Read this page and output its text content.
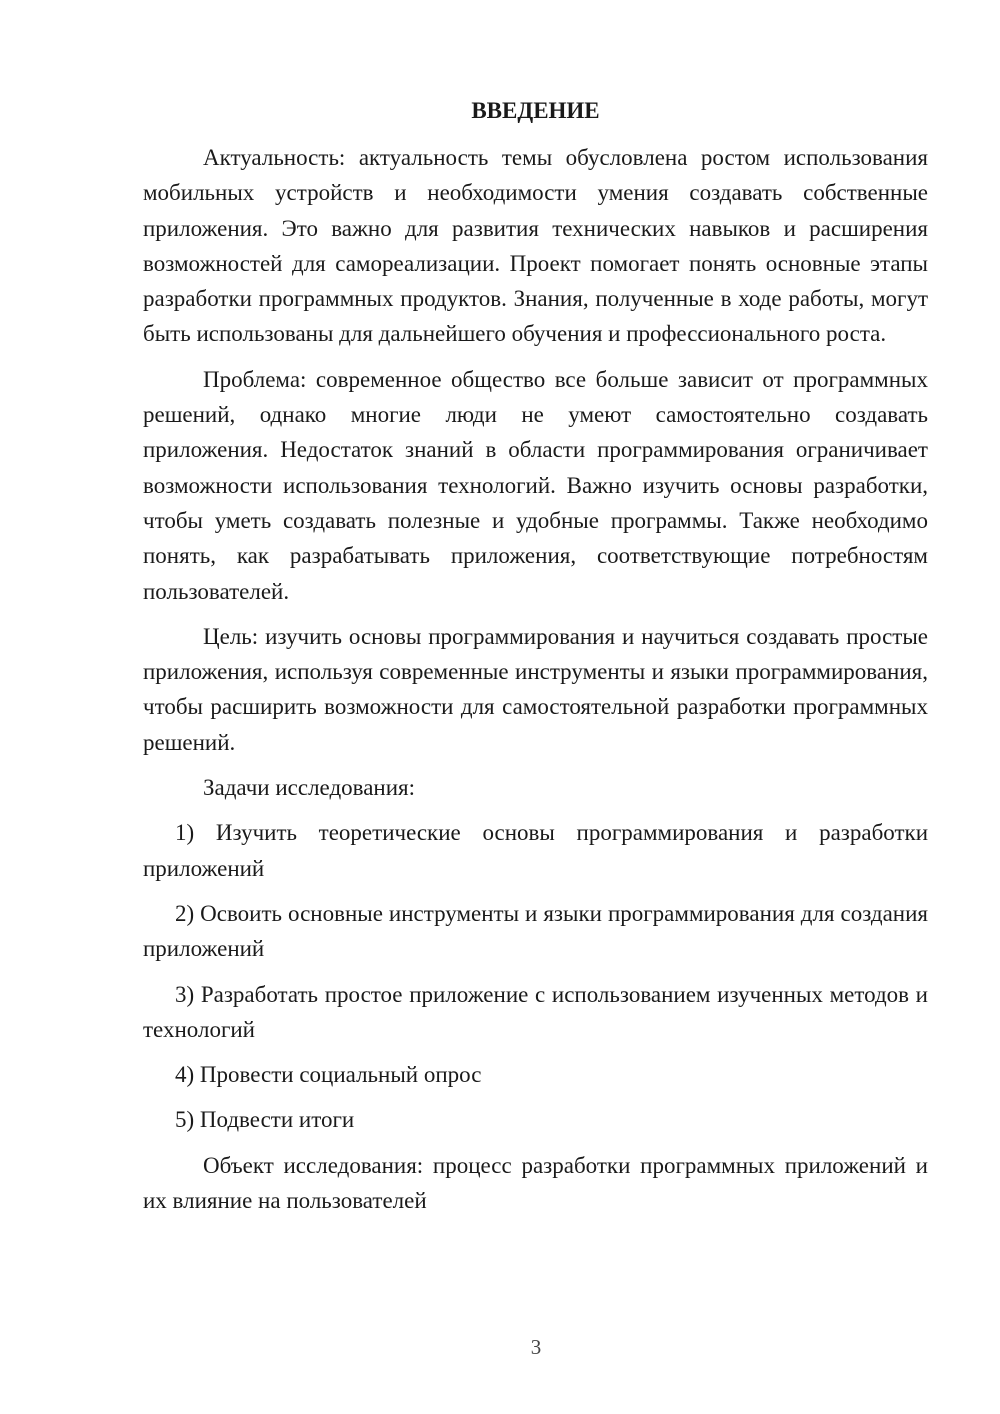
ВВЕДЕНИЕ

Актуальность: актуальность темы обусловлена ростом использования мобильных устройств и необходимости умения создавать собственные приложения. Это важно для развития технических навыков и расширения возможностей для самореализации. Проект помогает понять основные этапы разработки программных продуктов. Знания, полученные в ходе работы, могут быть использованы для дальнейшего обучения и профессионального роста.

Проблема: современное общество все больше зависит от программных решений, однако многие люди не умеют самостоятельно создавать приложения. Недостаток знаний в области программирования ограничивает возможности использования технологий. Важно изучить основы разработки, чтобы уметь создавать полезные и удобные программы. Также необходимо понять, как разрабатывать приложения, соответствующие потребностям пользователей.

Цель: изучить основы программирования и научиться создавать простые приложения, используя современные инструменты и языки программирования, чтобы расширить возможности для самостоятельной разработки программных решений.

Задачи исследования:

1) Изучить теоретические основы программирования и разработки приложений

2) Освоить основные инструменты и языки программирования для создания приложений

3) Разработать простое приложение с использованием изученных методов и технологий

4) Провести социальный опрос

5) Подвести итоги

Объект исследования: процесс разработки программных приложений и их влияние на пользователей

3
